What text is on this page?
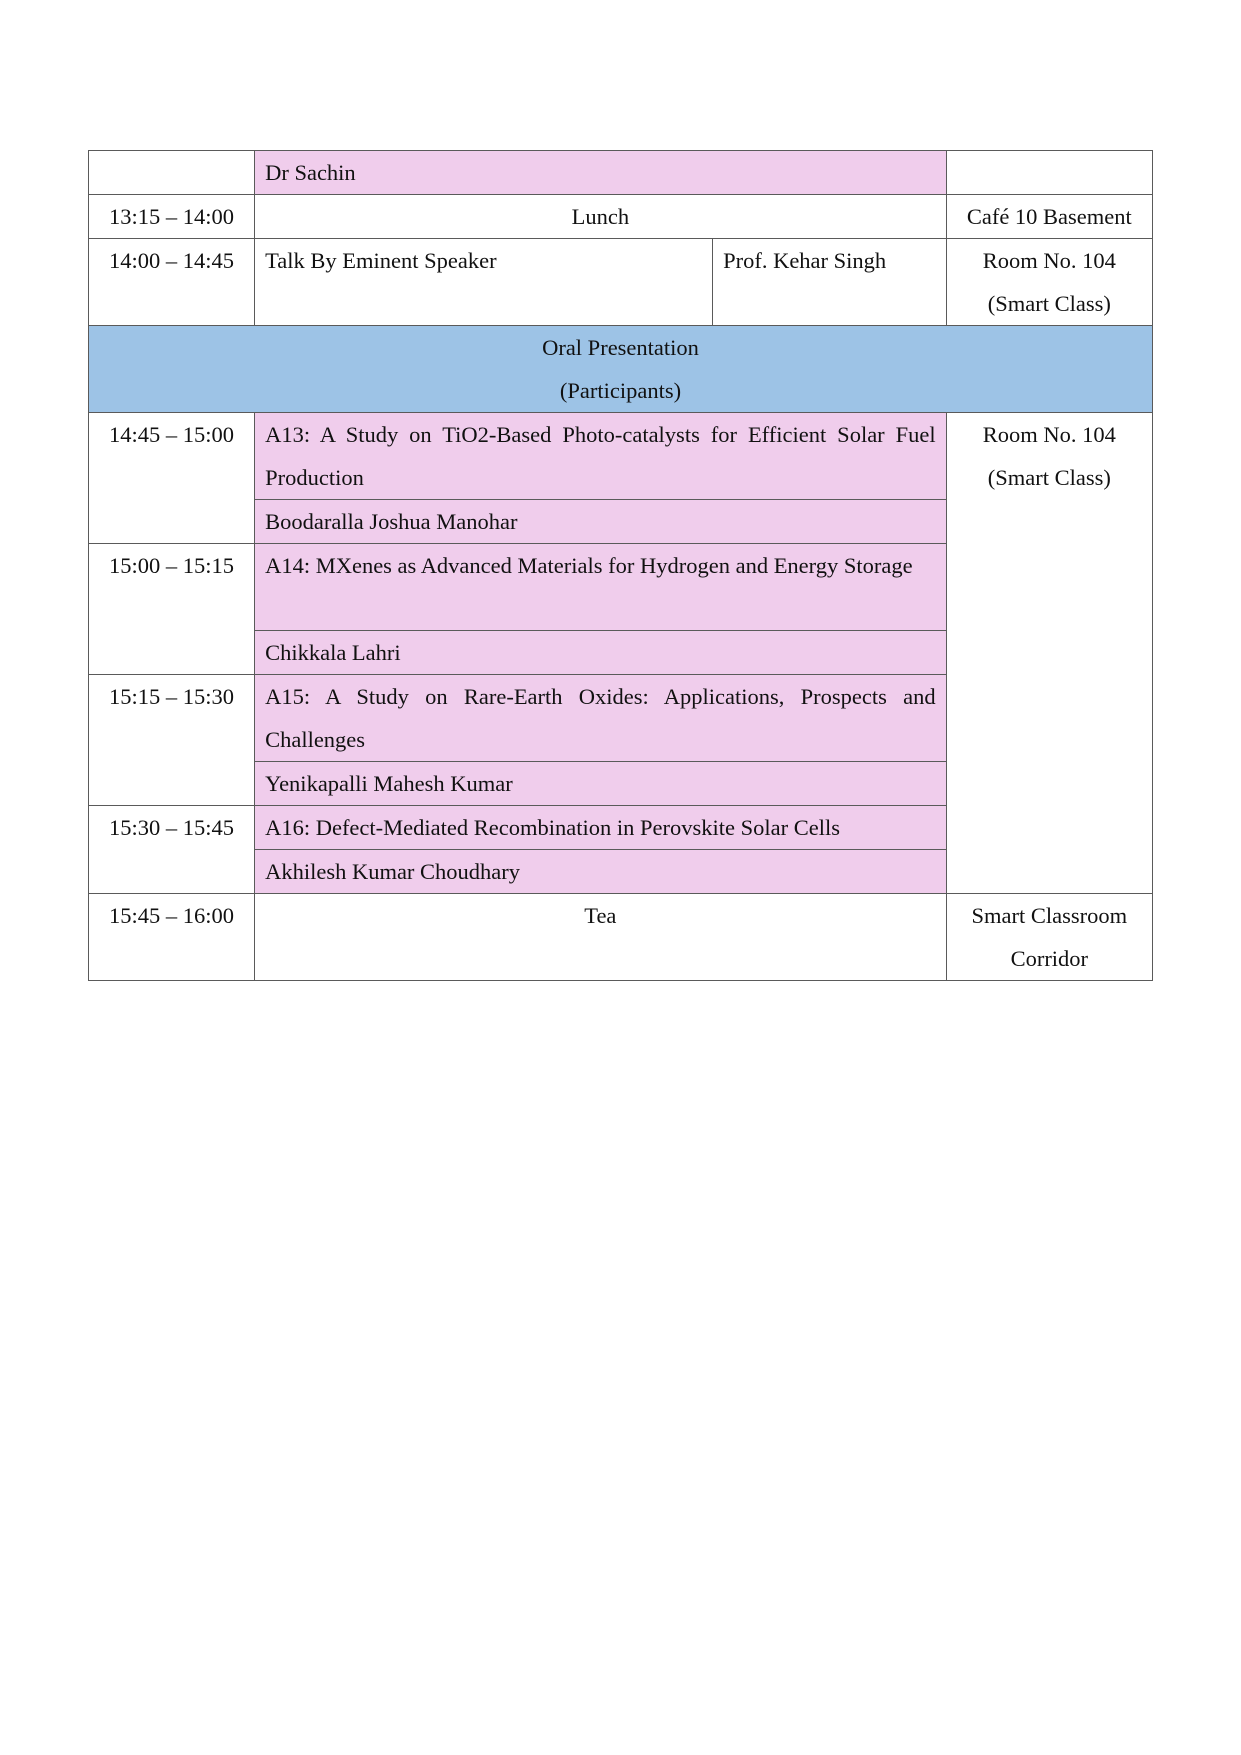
	Dr Sachin		
13:15 – 14:00	Lunch		Café 10 Basement
14:00 – 14:45	Talk By Eminent Speaker	Prof. Kehar Singh	Room No. 104
(Smart Class)

Oral Presentation
(Participants)			

14:45 – 15:00	A13: A Study on TiO2-Based Photo-catalysts for Efficient Solar Fuel Production		Room No. 104
(Smart Class)

	Boodaralla Joshua Manohar		
15:00 – 15:15	A14: MXenes as Advanced Materials for Hydrogen and Energy Storage		
	Chikkala Lahri		
15:15 – 15:30	A15: A Study on Rare-Earth Oxides: Applications, Prospects and Challenges		
	Yenikapalli Mahesh Kumar		
15:30 – 15:45	A16: Defect-Mediated Recombination in Perovskite Solar Cells		
	Akhilesh Kumar Choudhary		
15:45 – 16:00	Tea		Smart Classroom
Corridor
